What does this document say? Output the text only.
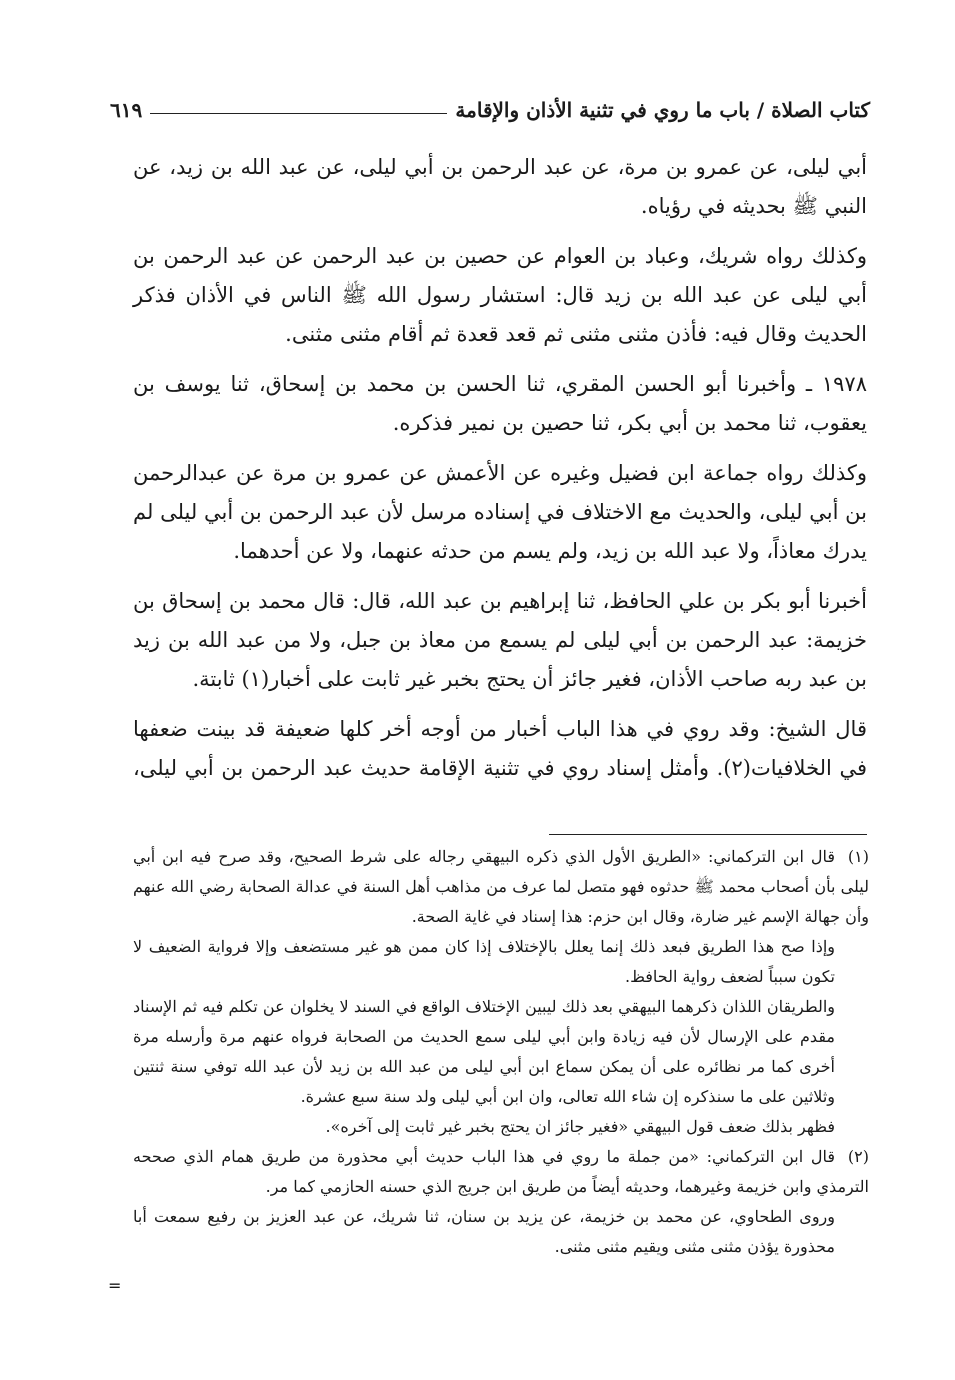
كتاب الصلاة / باب ما روي في تثنية الأذان والإقامة
٦١٩

أبي ليلى، عن عمرو بن مرة، عن عبد الرحمن بن أبي ليلى، عن عبد الله بن زيد، عن النبي ﷺ بحديثه في رؤياه.

وكذلك رواه شريك، وعباد بن العوام عن حصين بن عبد الرحمن عن عبد الرحمن بن أبي ليلى عن عبد الله بن زيد قال: استشار رسول الله ﷺ الناس في الأذان فذكر الحديث وقال فيه: فأذن مثنى مثنى ثم قعد قعدة ثم أقام مثنى مثنى.

١٩٧٨ ـ وأخبرنا أبو الحسن المقري، ثنا الحسن بن محمد بن إسحاق، ثنا يوسف بن يعقوب، ثنا محمد بن أبي بكر، ثنا حصين بن نمير فذكره.

وكذلك رواه جماعة ابن فضيل وغيره عن الأعمش عن عمرو بن مرة عن عبدالرحمن بن أبي ليلى، والحديث مع الاختلاف في إسناده مرسل لأن عبد الرحمن بن أبي ليلى لم يدرك معاذاً، ولا عبد الله بن زيد، ولم يسم من حدثه عنهما، ولا عن أحدهما.

أخبرنا أبو بكر بن علي الحافظ، ثنا إبراهيم بن عبد الله، قال: قال محمد بن إسحاق بن خزيمة: عبد الرحمن بن أبي ليلى لم يسمع من معاذ بن جبل، ولا من عبد الله بن زيد بن عبد ربه صاحب الأذان، فغير جائز أن يحتج بخبر غير ثابت على أخبار(١) ثابتة.

قال الشيخ: وقد روي في هذا الباب أخبار من أوجه أخر كلها ضعيفة قد بينت ضعفها في الخلافيات(٢). وأمثل إسناد روي في تثنية الإقامة حديث عبد الرحمن بن أبي ليلى،

(١)قال ابن التركماني: «الطريق الأول الذي ذكره البيهقي رجاله على شرط الصحيح، وقد صرح فيه ابن أبي ليلى بأن أصحاب محمد ﷺ حدثوه فهو متصل لما عرف من مذاهب أهل السنة في عدالة الصحابة رضي الله عنهم وأن جهالة الإسم غير ضارة، وقال ابن حزم: هذا إسناد في غاية الصحة.

وإذا صح هذا الطريق فبعد ذلك إنما يعلل بالإختلاف إذا كان ممن هو غير مستضعف وإلا فرواية الضعيف لا تكون سبباً لضعف رواية الحافظ.

والطريقان اللذان ذكرهما البيهقي بعد ذلك ليبين الإختلاف الواقع في السند لا يخلوان عن تكلم فيه ثم الإسناد مقدم على الإرسال لأن فيه زيادة وابن أبي ليلى سمع الحديث من الصحابة فرواه عنهم مرة وأرسله مرة أخرى كما مر نظائره على أن يمكن سماع ابن أبي ليلى من عبد الله بن زيد لأن عبد الله توفي سنة ثنتين وثلاثين على ما سنذكره إن شاء الله تعالى، وان ابن أبي ليلى ولد سنة سبع عشرة.

فظهر بذلك ضعف قول البيهقي «فغير جائز ان يحتج بخبر غير ثابت إلى آخره».

(٢)قال ابن التركماني: «من جملة ما روي في هذا الباب حديث أبي محذورة من طريق همام الذي صححه الترمذي وابن خزيمة وغيرهما، وحديثه أيضاً من طريق ابن جريج الذي حسنه الحازمي كما مر.

وروى الطحاوي، عن محمد بن خزيمة، عن يزيد بن سنان، ثنا شريك، عن عبد العزيز بن رفيع سمعت أبا محذورة يؤذن مثنى مثنى ويقيم مثنى مثنى.

=
